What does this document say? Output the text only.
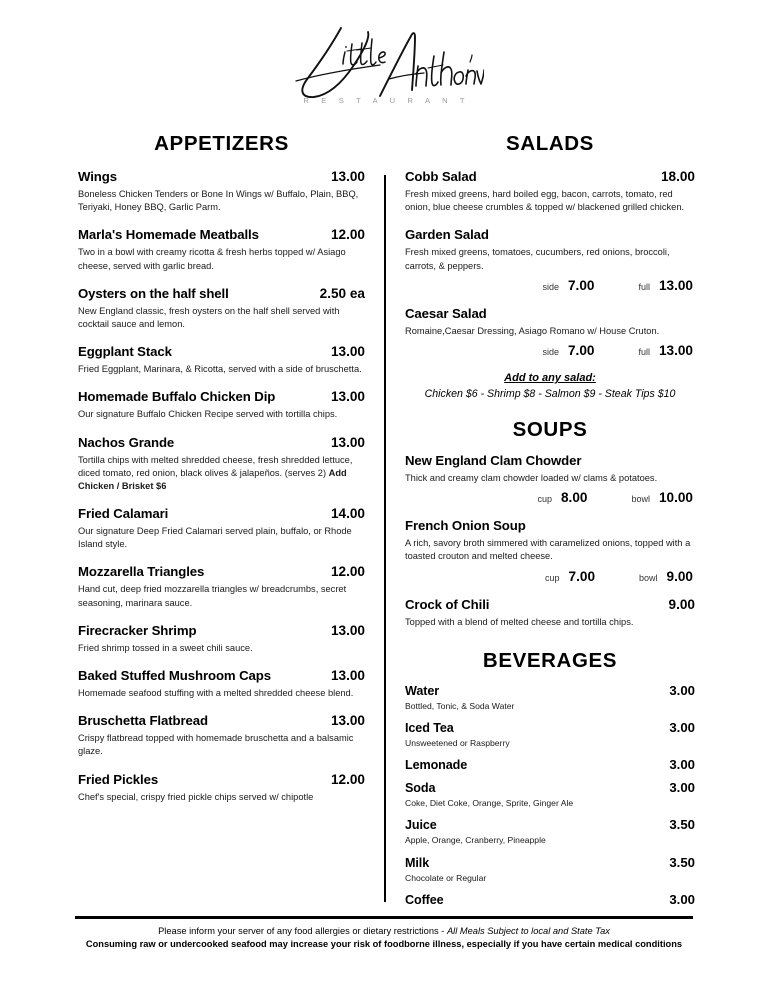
R E S T A U R A N T
APPETIZERS
Wings	13.00
Boneless Chicken Tenders or Bone In Wings w/ Buffalo, Plain, BBQ, Teriyaki, Honey BBQ, Garlic Parm.
Marla's Homemade Meatballs	12.00
Two in a bowl with creamy ricotta & fresh herbs topped w/ Asiago cheese, served with garlic bread.
Oysters on the half shell	2.50 ea
New England classic, fresh oysters on the half shell served with cocktail sauce and lemon.
Eggplant Stack	13.00
Fried Eggplant, Marinara, & Ricotta, served with a side of bruschetta.
Homemade Buffalo Chicken Dip	13.00
Our signature Buffalo Chicken Recipe served with tortilla chips.
Nachos Grande	13.00
Tortilla chips with melted shredded cheese, fresh shredded lettuce, diced tomato, red onion, black olives & jalapeños. (serves 2) Add Chicken / Brisket $6
Fried Calamari	14.00
Our signature Deep Fried Calamari served plain, buffalo, or Rhode Island style.
Mozzarella Triangles	12.00
Hand cut, deep fried mozzarella triangles w/ breadcrumbs, secret seasoning, marinara sauce.
Firecracker Shrimp	13.00
Fried shrimp tossed in a sweet chili sauce.
Baked Stuffed Mushroom Caps	13.00
Homemade seafood stuffing with a melted shredded cheese blend.
Bruschetta Flatbread	13.00
Crispy flatbread topped with homemade bruschetta and a balsamic glaze.
Fried Pickles	12.00
Chef's special, crispy fried pickle chips served w/ chipotle
SALADS
Cobb Salad	18.00
Fresh mixed greens, hard boiled egg, bacon, carrots, tomato, red onion, blue cheese crumbles & topped w/ blackened grilled chicken.
Garden Salad
Fresh mixed greens, tomatoes, cucumbers, red onions, broccoli, carrots, & peppers.
side 7.00	full 13.00
Caesar Salad
Romaine,Caesar Dressing, Asiago Romano w/ House Cruton.
side 7.00	full 13.00
Add to any salad:
Chicken $6 - Shrimp $8 - Salmon $9 - Steak Tips $10
SOUPS
New England Clam Chowder
Thick and creamy clam chowder loaded w/ clams & potatoes.
cup 8.00	bowl 10.00
French Onion Soup
A rich, savory broth simmered with caramelized onions, topped with a toasted crouton and melted cheese.
cup 7.00	bowl 9.00
Crock of Chili	9.00
Topped with a blend of melted cheese and tortilla chips.
BEVERAGES
Water	3.00
Bottled, Tonic, & Soda Water
Iced Tea	3.00
Unsweetened or Raspberry
Lemonade	3.00
Soda	3.00
Coke, Diet Coke, Orange, Sprite, Ginger Ale
Juice	3.50
Apple, Orange, Cranberry, Pineapple
Milk	3.50
Chocolate or Regular
Coffee	3.00
Please inform your server of any food allergies or dietary restrictions - All Meals Subject to local and State Tax
Consuming raw or undercooked seafood may increase your risk of foodborne illness, especially if you have certain medical conditions
